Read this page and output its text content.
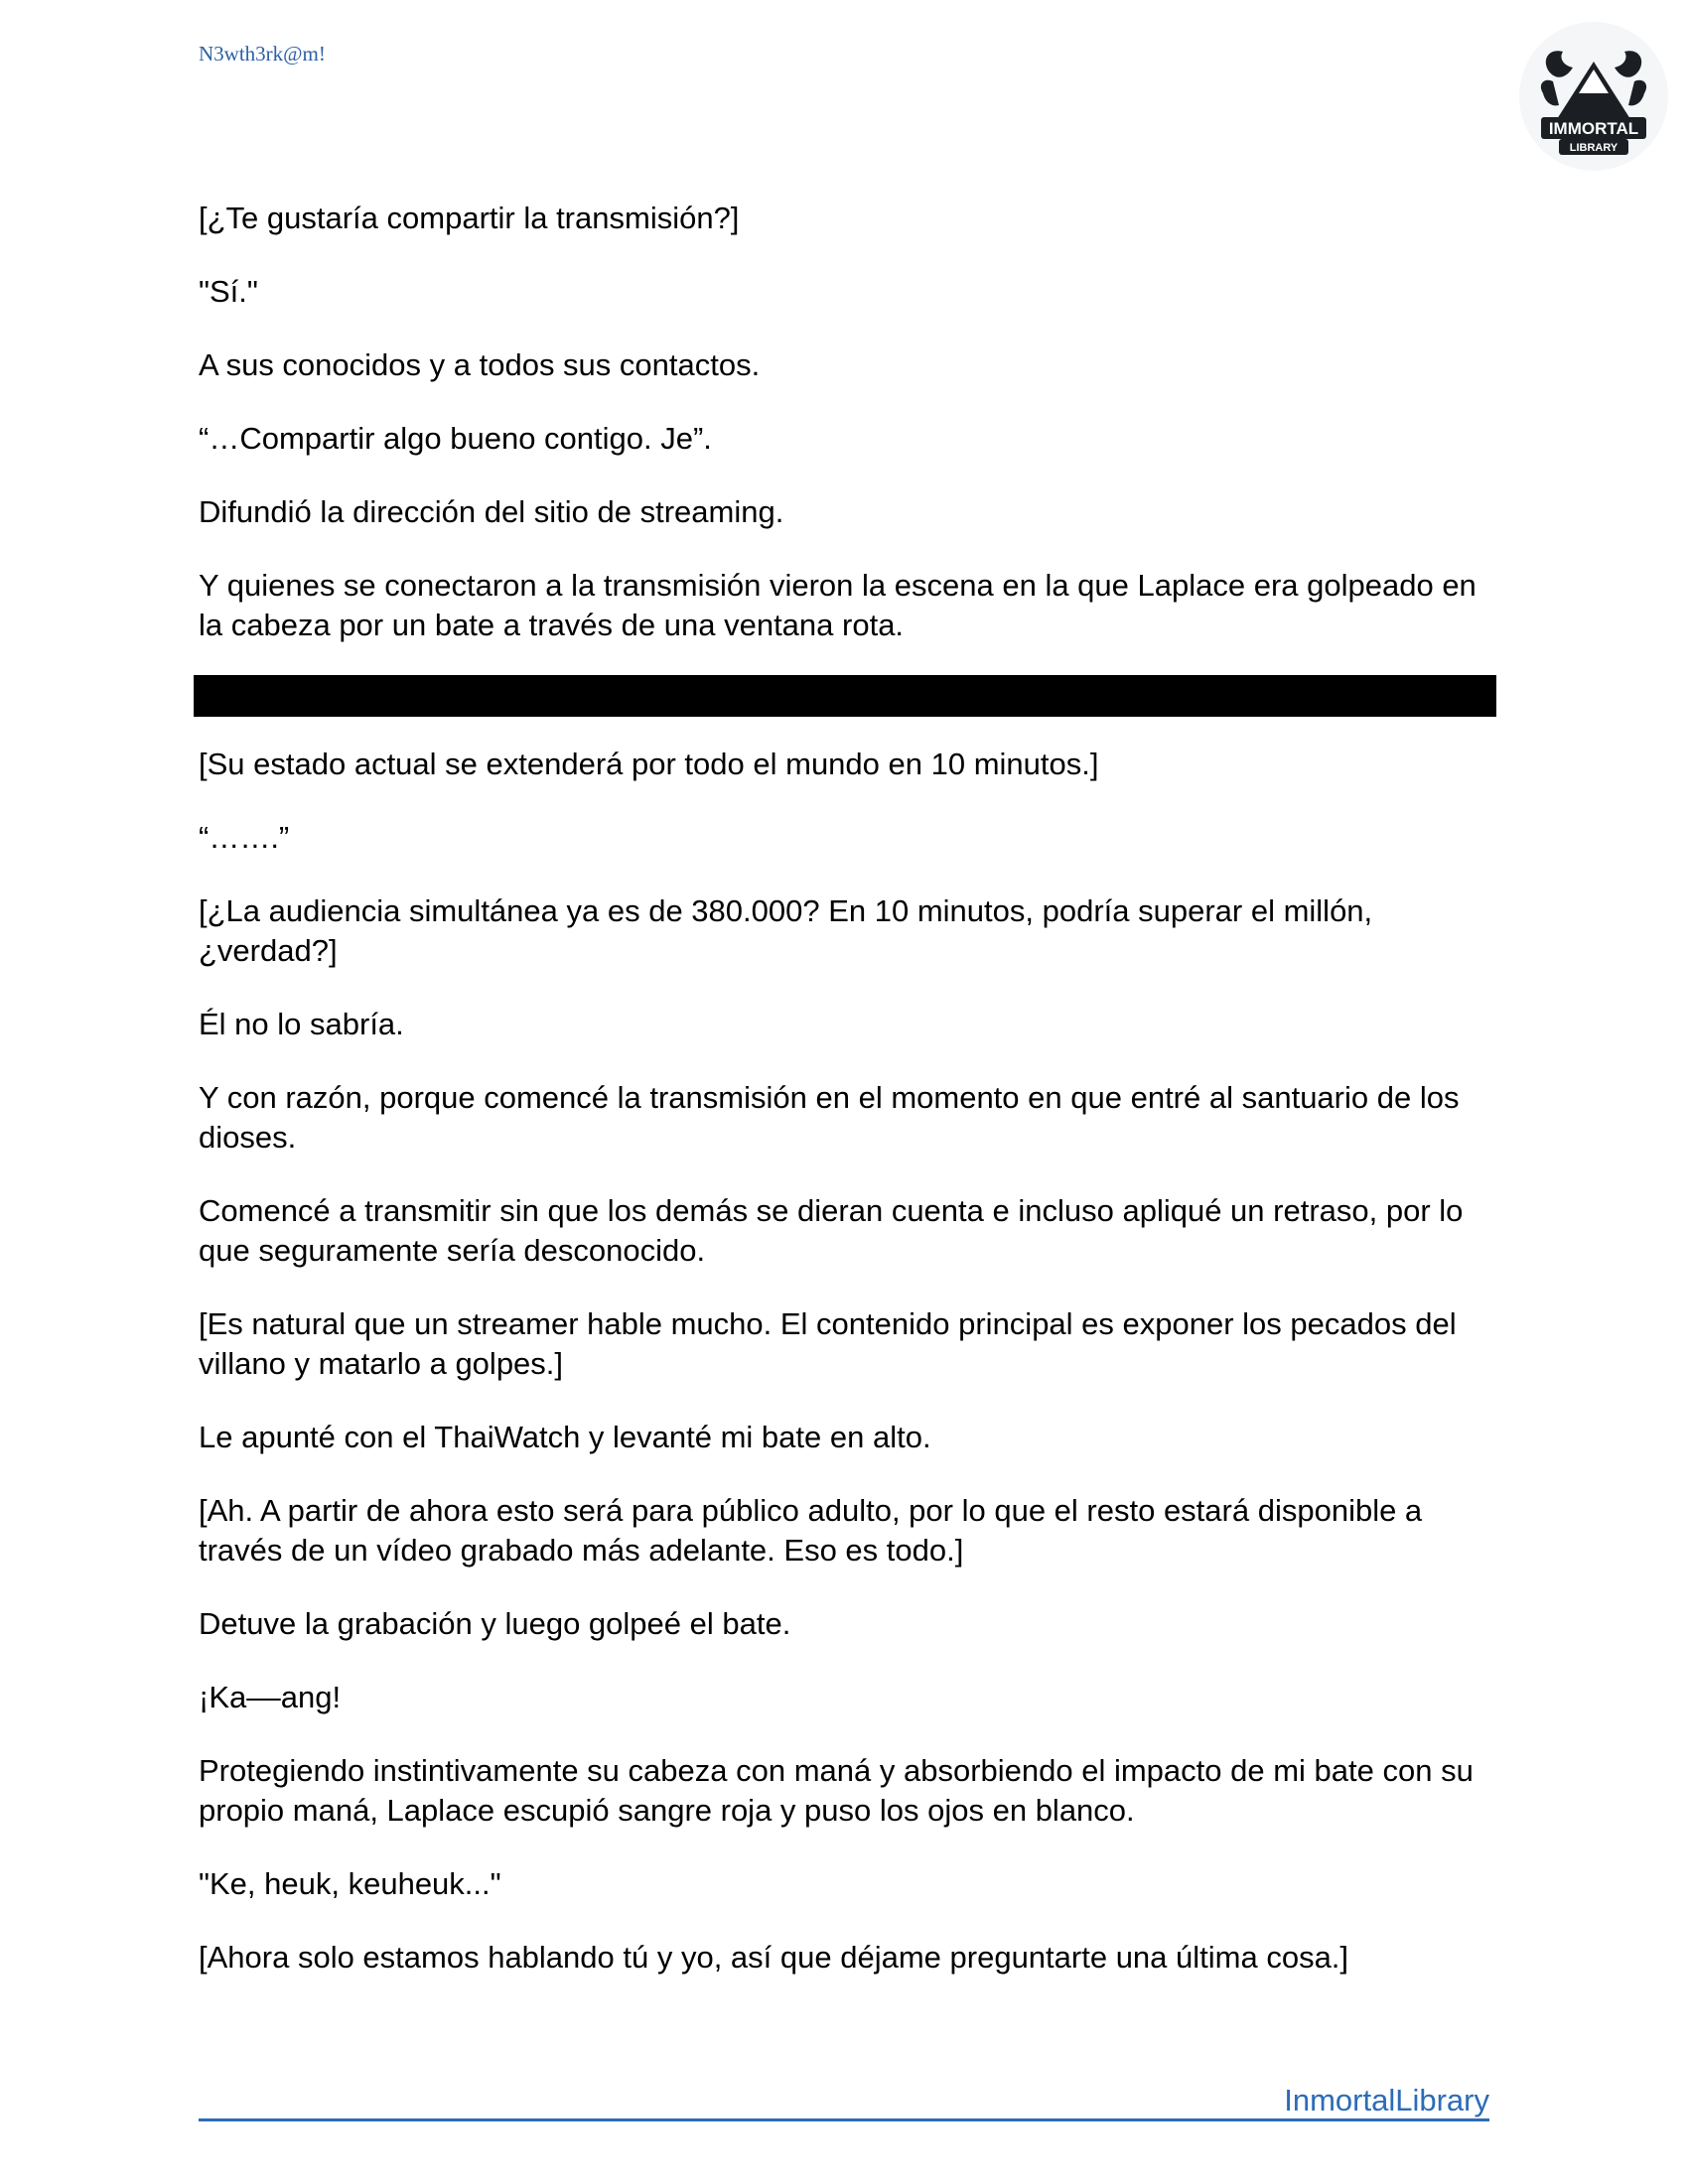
N3wth3rk@m!
IMMORTAL
LIBRARY

[¿Te gustaría compartir la transmisión?]

"Sí."

A sus conocidos y a todos sus contactos.

“…Compartir algo bueno contigo. Je”.

Difundió la dirección del sitio de streaming.

Y quienes se conectaron a la transmisión vieron la escena en la que Laplace era golpeado en la cabeza por un bate a través de una ventana rota.

[Su estado actual se extenderá por todo el mundo en 10 minutos.]

“…….”

[¿La audiencia simultánea ya es de 380.000? En 10 minutos, podría superar el millón, ¿verdad?]

Él no lo sabría.

Y con razón, porque comencé la transmisión en el momento en que entré al santuario de los dioses.

Comencé a transmitir sin que los demás se dieran cuenta e incluso apliqué un retraso, por lo que seguramente sería desconocido.

[Es natural que un streamer hable mucho. El contenido principal es exponer los pecados del villano y matarlo a golpes.]

Le apunté con el ThaiWatch y levanté mi bate en alto.

[Ah. A partir de ahora esto será para público adulto, por lo que el resto estará disponible a través de un vídeo grabado más adelante. Eso es todo.]

Detuve la grabación y luego golpeé el bate.

¡Ka––ang!

Protegiendo instintivamente su cabeza con maná y absorbiendo el impacto de mi bate con su propio maná, Laplace escupió sangre roja y puso los ojos en blanco.

"Ke, heuk, keuheuk..."

[Ahora solo estamos hablando tú y yo, así que déjame preguntarte una última cosa.]

InmortalLibrary
